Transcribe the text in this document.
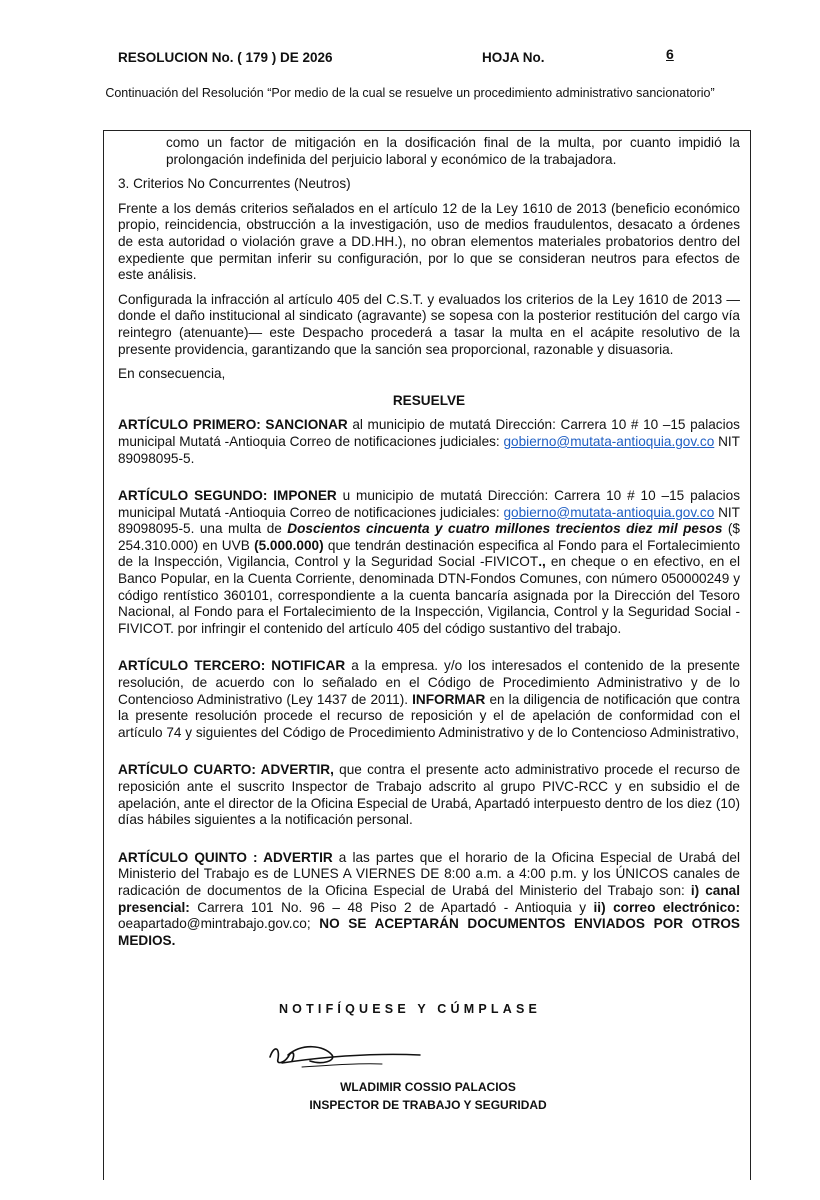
RESOLUCION No. ( 179 ) DE 2026	HOJA No.	6
Continuación del Resolución “Por medio de la cual se resuelve un procedimiento administrativo sancionatorio”

como un factor de mitigación en la dosificación final de la multa, por cuanto impidió la prolongación indefinida del perjuicio laboral y económico de la trabajadora.

3. Criterios No Concurrentes (Neutros)

Frente a los demás criterios señalados en el artículo 12 de la Ley 1610 de 2013 (beneficio económico propio, reincidencia, obstrucción a la investigación, uso de medios fraudulentos, desacato a órdenes de esta autoridad o violación grave a DD.HH.), no obran elementos materiales probatorios dentro del expediente que permitan inferir su configuración, por lo que se consideran neutros para efectos de este análisis.

Configurada la infracción al artículo 405 del C.S.T. y evaluados los criterios de la Ley 1610 de 2013 —donde el daño institucional al sindicato (agravante) se sopesa con la posterior restitución del cargo vía reintegro (atenuante)— este Despacho procederá a tasar la multa en el acápite resolutivo de la presente providencia, garantizando que la sanción sea proporcional, razonable y disuasoria.

En consecuencia,

RESUELVE

ARTÍCULO PRIMERO: SANCIONAR al municipio de mutatá Dirección: Carrera 10 # 10 –15 palacios municipal Mutatá -Antioquia Correo de notificaciones judiciales: gobierno@mutata-antioquia.gov.co NIT 89098095-5.

ARTÍCULO SEGUNDO: IMPONER u municipio de mutatá Dirección: Carrera 10 # 10 –15 palacios municipal Mutatá -Antioquia Correo de notificaciones judiciales: gobierno@mutata-antioquia.gov.co NIT 89098095-5. una multa de Doscientos cincuenta y cuatro millones trecientos diez mil pesos ($ 254.310.000) en UVB (5.000.000) que tendrán destinación especifica al Fondo para el Fortalecimiento de la Inspección, Vigilancia, Control y la Seguridad Social -FIVICOT., en cheque o en efectivo, en el Banco Popular, en la Cuenta Corriente, denominada DTN-Fondos Comunes, con número 050000249 y código rentístico 360101, correspondiente a la cuenta bancaría asignada por la Dirección del Tesoro Nacional, al Fondo para el Fortalecimiento de la Inspección, Vigilancia, Control y la Seguridad Social -FIVICOT. por infringir el contenido del artículo 405 del código sustantivo del trabajo.

ARTÍCULO TERCERO: NOTIFICAR a la empresa. y/o los interesados el contenido de la presente resolución, de acuerdo con lo señalado en el Código de Procedimiento Administrativo y de lo Contencioso Administrativo (Ley 1437 de 2011). INFORMAR en la diligencia de notificación que contra la presente resolución procede el recurso de reposición y el de apelación de conformidad con el artículo 74 y siguientes del Código de Procedimiento Administrativo y de lo Contencioso Administrativo,

ARTÍCULO CUARTO: ADVERTIR, que contra el presente acto administrativo procede el recurso de reposición ante el suscrito Inspector de Trabajo adscrito al grupo PIVC-RCC y en subsidio el de apelación, ante el director de la Oficina Especial de Urabá, Apartadó interpuesto dentro de los diez (10) días hábiles siguientes a la notificación personal.

ARTÍCULO QUINTO : ADVERTIR a las partes que el horario de la Oficina Especial de Urabá del Ministerio del Trabajo es de LUNES A VIERNES DE 8:00 a.m. a 4:00 p.m. y los ÚNICOS canales de radicación de documentos de la Oficina Especial de Urabá del Ministerio del Trabajo son: i) canal presencial: Carrera 101 No. 96 – 48 Piso 2 de Apartadó - Antioquia y ii) correo electrónico: oeapartado@mintrabajo.gov.co; NO SE ACEPTARÁN DOCUMENTOS ENVIADOS POR OTROS MEDIOS.

NOTIFÍQUESE Y CÚMPLASE
WLADIMIR COSSIO PALACIOS
INSPECTOR DE TRABAJO Y SEGURIDAD
